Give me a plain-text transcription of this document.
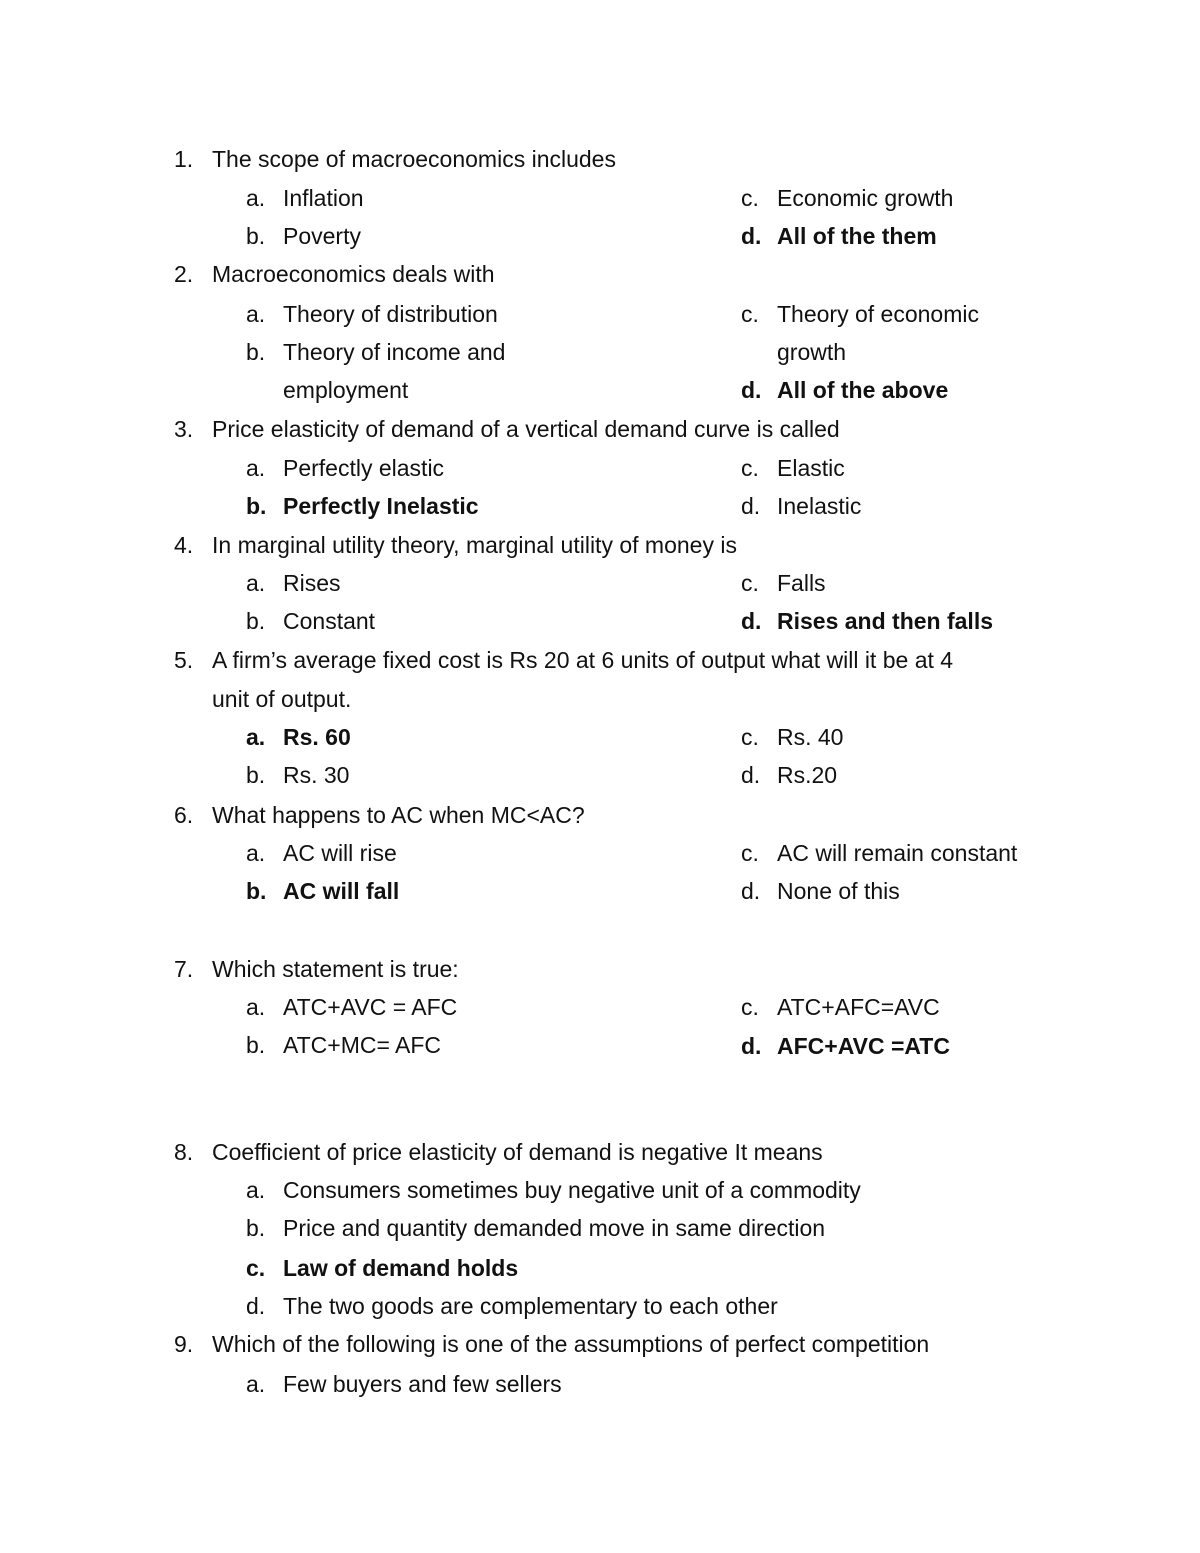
1. The scope of macroeconomics includes
a. Inflation	c. Economic growth
b. Poverty	d. All of the them
2. Macroeconomics deals with
a. Theory of distribution	c. Theory of economic
b. Theory of income and	growth
employment	d. All of the above
3. Price elasticity of demand of a vertical demand curve is called
a. Perfectly elastic	c. Elastic
b. Perfectly Inelastic	d. Inelastic
4. In marginal utility theory, marginal utility of money is
a. Rises	c. Falls
b. Constant	d. Rises and then falls
5. A firm’s average fixed cost is Rs 20 at 6 units of output what will it be at 4
unit of output.
a. Rs. 60	c. Rs. 40
b. Rs. 30	d. Rs.20
6. What happens to AC when MC<AC?
a. AC will rise	c. AC will remain constant
b. AC will fall	d. None of this
7. Which statement is true:
a. ATC+AVC = AFC	c. ATC+AFC=AVC
b. ATC+MC= AFC	d. AFC+AVC =ATC
8. Coefficient of price elasticity of demand is negative It means
a. Consumers sometimes buy negative unit of a commodity
b. Price and quantity demanded move in same direction
c. Law of demand holds
d. The two goods are complementary to each other
9. Which of the following is one of the assumptions of perfect competition
a. Few buyers and few sellers
